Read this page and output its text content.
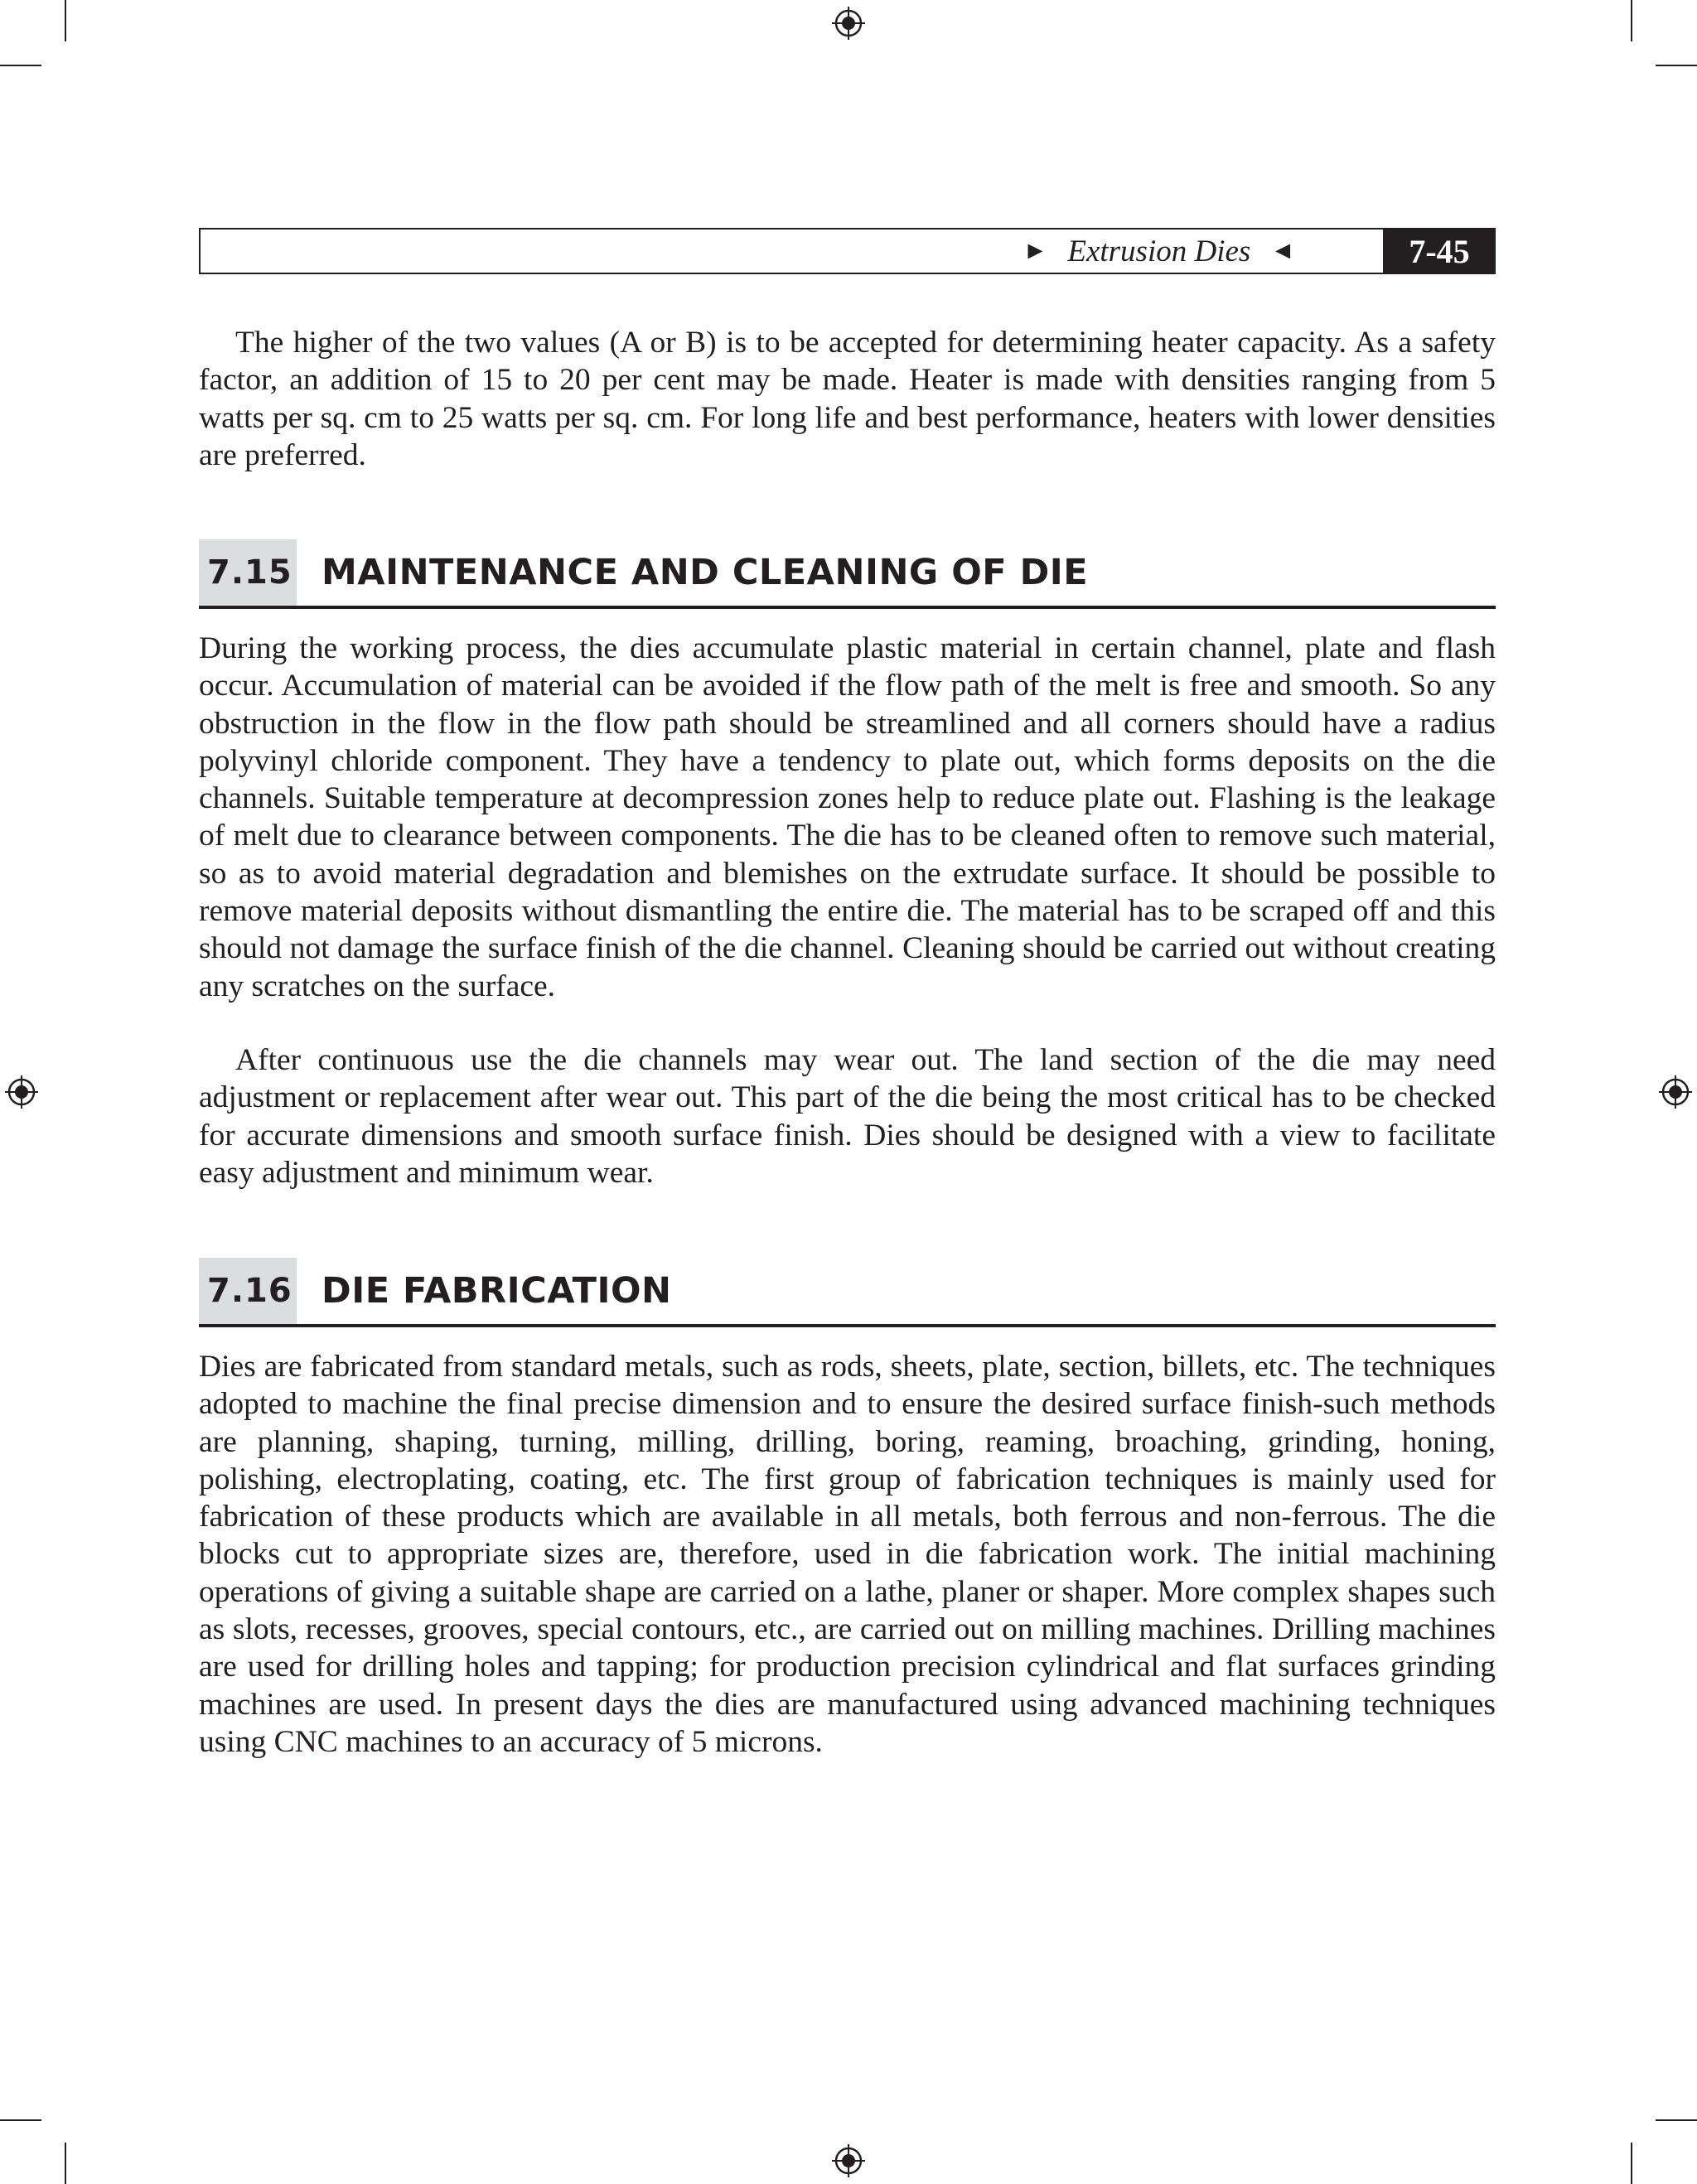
► Extrusion Dies ◄	7-45

The higher of the two values (A or B) is to be accepted for determining heater capacity. As a safety factor, an addition of 15 to 20 per cent may be made. Heater is made with densities ranging from 5 watts per sq. cm to 25 watts per sq. cm. For long life and best performance, heaters with lower densities are preferred.

7.15 MAINTENANCE AND CLEANING OF DIE

During the working process, the dies accumulate plastic material in certain channel, plate and flash occur. Accumulation of material can be avoided if the flow path of the melt is free and smooth. So any obstruction in the flow in the flow path should be streamlined and all corners should have a radius polyvinyl chloride component. They have a tendency to plate out, which forms deposits on the die channels. Suitable temperature at decompression zones help to reduce plate out. Flashing is the leakage of melt due to clearance between components. The die has to be cleaned often to remove such material, so as to avoid material degradation and blemishes on the extrudate surface. It should be possible to remove material deposits without dismantling the entire die. The material has to be scraped off and this should not damage the surface finish of the die channel. Cleaning should be carried out without creating any scratches on the surface.

After continuous use the die channels may wear out. The land section of the die may need adjustment or replacement after wear out. This part of the die being the most critical has to be checked for accurate dimensions and smooth surface finish. Dies should be designed with a view to facilitate easy adjustment and minimum wear.

7.16 DIE FABRICATION

Dies are fabricated from standard metals, such as rods, sheets, plate, section, billets, etc. The techniques adopted to machine the final precise dimension and to ensure the desired surface finish-such methods are planning, shaping, turning, milling, drilling, boring, reaming, broaching, grinding, honing, polishing, electroplating, coating, etc. The first group of fabrication techniques is mainly used for fabrication of these products which are available in all metals, both ferrous and non-ferrous. The die blocks cut to appropriate sizes are, therefore, used in die fabrication work. The initial machining operations of giving a suitable shape are carried on a lathe, planer or shaper. More complex shapes such as slots, recesses, grooves, special contours, etc., are carried out on milling machines. Drilling machines are used for drilling holes and tapping; for production precision cylindrical and flat surfaces grinding machines are used. In present days the dies are manufactured using advanced machining techniques using CNC machines to an accuracy of 5 microns.
